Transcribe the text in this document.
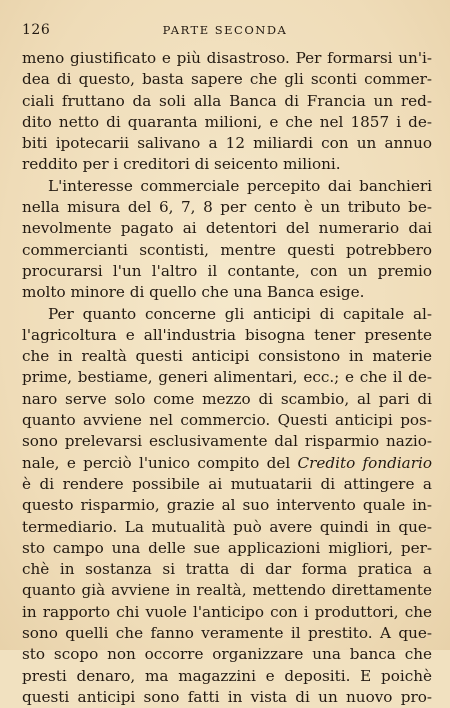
126	PARTE SECONDA
meno giustificato e più disastroso. Per formarsi un'i-
dea di questo, basta sapere che gli sconti commer-
ciali fruttano da soli alla Banca di Francia un red-
dito netto di quaranta milioni, e che nel 1857 i de-
biti ipotecarii salivano a 12 miliardi con un annuo
reddito per i creditori di seicento milioni.
L'interesse commerciale percepito dai banchieri
nella misura del 6, 7, 8 per cento è un tributo be-
nevolmente pagato ai detentori del numerario dai
commercianti scontisti, mentre questi potrebbero
procurarsi l'un l'altro il contante, con un premio
molto minore di quello che una Banca esige.
Per quanto concerne gli anticipi di capitale al-
l'agricoltura e all'industria bisogna tener presente
che in realtà questi anticipi consistono in materie
prime, bestiame, generi alimentari, ecc.; e che il de-
naro serve solo come mezzo di scambio, al pari di
quanto avviene nel commercio. Questi anticipi pos-
sono prelevarsi esclusivamente dal risparmio nazio-
nale, e perciò l'unico compito del Credito fondiario
è di rendere possibile ai mutuatarii di attingere a
questo risparmio, grazie al suo intervento quale in-
termediario. La mutualità può avere quindi in que-
sto campo una delle sue applicazioni migliori, per-
chè in sostanza si tratta di dar forma pratica a
quanto già avviene in realtà, mettendo direttamente
in rapporto chi vuole l'anticipo con i produttori, che
sono quelli che fanno veramente il prestito. A que-
sto scopo non occorre organizzare una banca che
presti denaro, ma magazzini e depositi. E poichè
questi anticipi sono fatti in vista di un nuovo pro-
